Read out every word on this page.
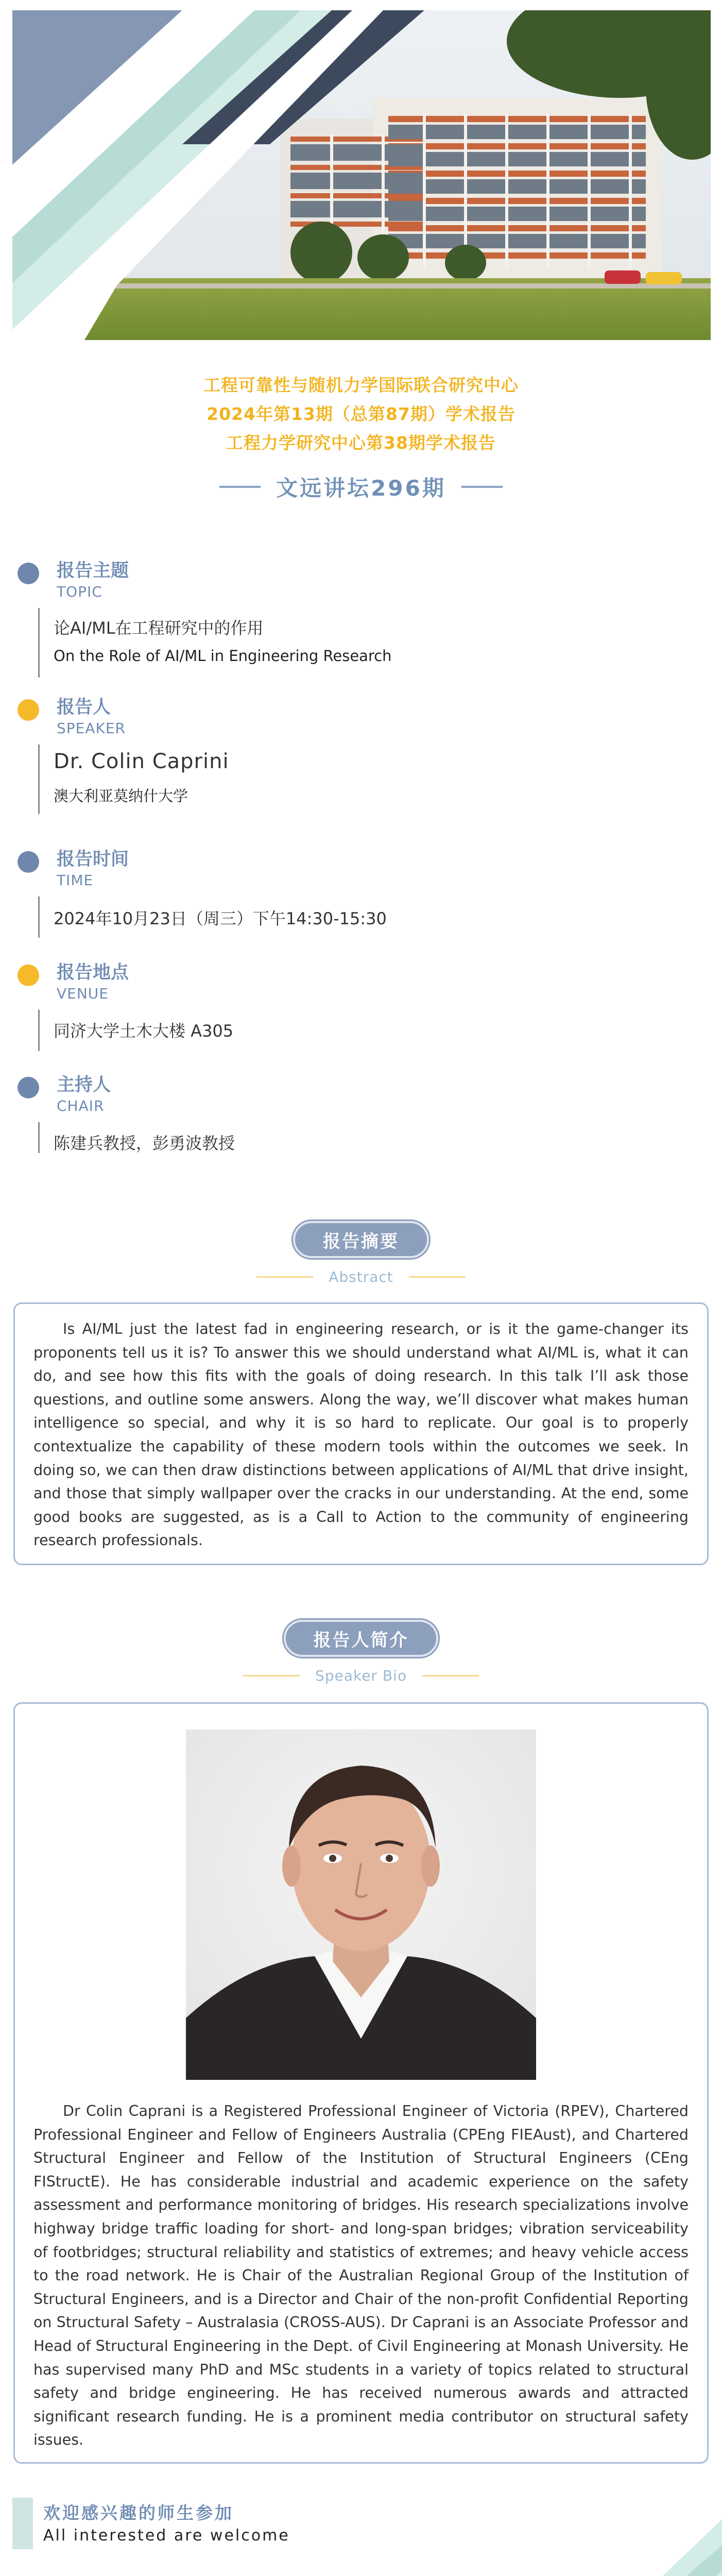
工程可靠性与随机力学国际联合研究中心
2024年第13期（总第87期）学术报告
工程力学研究中心第38期学术报告
文远讲坛296期
报告主题
TOPIC
论AI/ML在工程研究中的作用
On the Role of AI/ML in Engineering Research
报告人
SPEAKER
Dr. Colin Caprini
澳大利亚莫纳什大学
报告时间
TIME
2024年10月23日（周三）下午14:30-15:30
报告地点
VENUE
同济大学土木大楼 A305
主持人
CHAIR
陈建兵教授，彭勇波教授
报告摘要
Abstract

Is AI/ML just the latest fad in engineering research, or is it the game-changer its proponents tell us it is? To answer this we should understand what AI/ML is, what it can do, and see how this fits with the goals of doing research. In this talk I’ll ask those questions, and outline some answers. Along the way, we’ll discover what makes human intelligence so special, and why it is so hard to replicate. Our goal is to properly contextualize the capability of these modern tools within the outcomes we seek. In doing so, we can then draw distinctions between applications of AI/ML that drive insight, and those that simply wallpaper over the cracks in our understanding. At the end, some good books are suggested, as is a Call to Action to the community of engineering research professionals.

报告人简介
Speaker Bio

Dr Colin Caprani is a Registered Professional Engineer of Victoria (RPEV), Chartered Professional Engineer and Fellow of Engineers Australia (CPEng FIEAust), and Chartered Structural Engineer and Fellow of the Institution of Structural Engineers (CEng FIStructE). He has considerable industrial and academic experience on the safety assessment and performance monitoring of bridges. His research specializations involve highway bridge traffic loading for short- and long-span bridges; vibration serviceability of footbridges; structural reliability and statistics of extremes; and heavy vehicle access to the road network. He is Chair of the Australian Regional Group of the Institution of Structural Engineers, and is a Director and Chair of the non-profit Confidential Reporting on Structural Safety – Australasia (CROSS-AUS). Dr Caprani is an Associate Professor and Head of Structural Engineering in the Dept. of Civil Engineering at Monash University. He has supervised many PhD and MSc students in a variety of topics related to structural safety and bridge engineering. He has received numerous awards and attracted significant research funding. He is a prominent media contributor on structural safety issues.

欢迎感兴趣的师生参加
All interested are welcome
